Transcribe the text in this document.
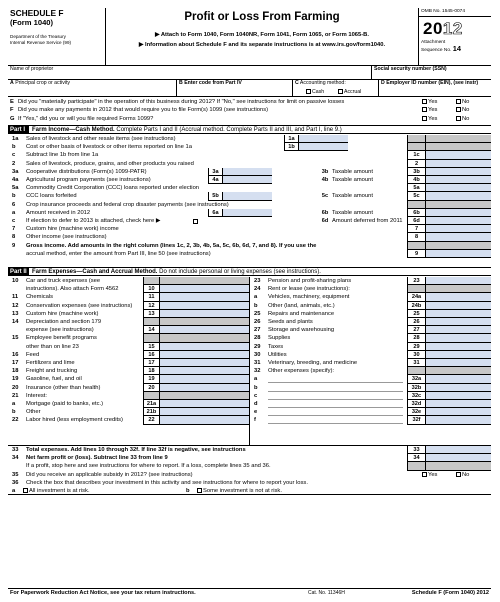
SCHEDULE F
(Form 1040)
Department of the Treasury
Internal Revenue Service (99)
Profit or Loss From Farming
▶ Attach to Form 1040, Form 1040NR, Form 1041, Form 1065, or Form 1065-B.
▶ Information about Schedule F and its separate instructions is at www.irs.gov/form1040.
OMB No. 1545-0074
2012
Attachment
Sequence No. 14
Name of proprietor	Social security number (SSN)
A Principal crop or activity	B Enter code from Part IV	C Accounting method:
Cash	Accrual
D Employer ID number (EIN), (see instr)
E Did you "materially participate" in the operation of this business during 2012? If "No," see instructions for limit on passive losses	Yes	No
F Did you make any payments in 2012 that would require you to file Form(s) 1099 (see instructions)	Yes	No
G If "Yes," did you or will you file required Forms 1099?	Yes	No
Part I	Farm Income—Cash Method. Complete Parts I and II (Accrual method. Complete Parts II and III, and Part I, line 9.)
1a Sales of livestock and other resale items (see instructions)	1a
b Cost or other basis of livestock or other items reported on line 1a	1b
c Subtract line 1b from line 1a	1c
2 Sales of livestock, produce, grains, and other products you raised	2
3a Cooperative distributions (Form(s) 1099-PATR)	3a	3b Taxable amount	3b
4a Agricultural program payments (see instructions)	4a	4b Taxable amount	4b
5a Commodity Credit Corporation (CCC) loans reported under election	5a
b CCC loans forfeited	5b	5c Taxable amount	5c
6 Crop insurance proceeds and federal crop disaster payments (see instructions)
a Amount received in 2012	6a	6b Taxable amount	6b
c If election to defer to 2013 is attached, check here ▶	6d Amount deferred from 2011	6d
7 Custom hire (machine work) income	7
8 Other income (see instructions)	8
9 Gross income. Add amounts in the right column (lines 1c, 2, 3b, 4b, 5a, 5c, 6b, 6d, 7, and 8). If you use the
accrual method, enter the amount from Part III, line 50 (see instructions)	9
Part II Farm Expenses—Cash and Accrual Method. Do not include personal or living expenses (see instructions).
10 Car and truck expenses (see
instructions). Also attach Form 4562	10
11 Chemicals	11
12 Conservation expenses (see instructions)	12
13 Custom hire (machine work)	13
14 Depreciation and section 179
expense (see instructions)	14
15 Employee benefit programs
other than on line 23	15
16 Feed	16
17 Fertilizers and lime	17
18 Freight and trucking	18
19 Gasoline, fuel, and oil	19
20 Insurance (other than health)	20
21 Interest:
a Mortgage (paid to banks, etc.)	21a
b Other	21b
22 Labor hired (less employment credits)	22
23 Pension and profit-sharing plans	23
24 Rent or lease (see instructions):
a Vehicles, machinery, equipment	24a
b Other (land, animals, etc.)	24b
25 Repairs and maintenance	25
26 Seeds and plants	26
27 Storage and warehousing	27
28 Supplies	28
29 Taxes	29
30 Utilities	30
31 Veterinary, breeding, and medicine	31
32 Other expenses (specify):
a	32a
b	32b
c	32c
d	32d
e	32e
f	32f
33 Total expenses. Add lines 10 through 32f. If line 32f is negative, see instructions	33
34 Net farm profit or (loss). Subtract line 33 from line 9	34
If a profit, stop here and see instructions for where to report. If a loss, complete lines 35 and 36.
35 Did you receive an applicable subsidy in 2012? (see instructions)	Yes	No
36 Check the box that describes your investment in this activity and see instructions for where to report your loss.
a	All investment is at risk.	b	Some investment is not at risk.
For Paperwork Reduction Act Notice, see your tax return instructions.	Cat. No. 11346H	Schedule F (Form 1040) 2012
